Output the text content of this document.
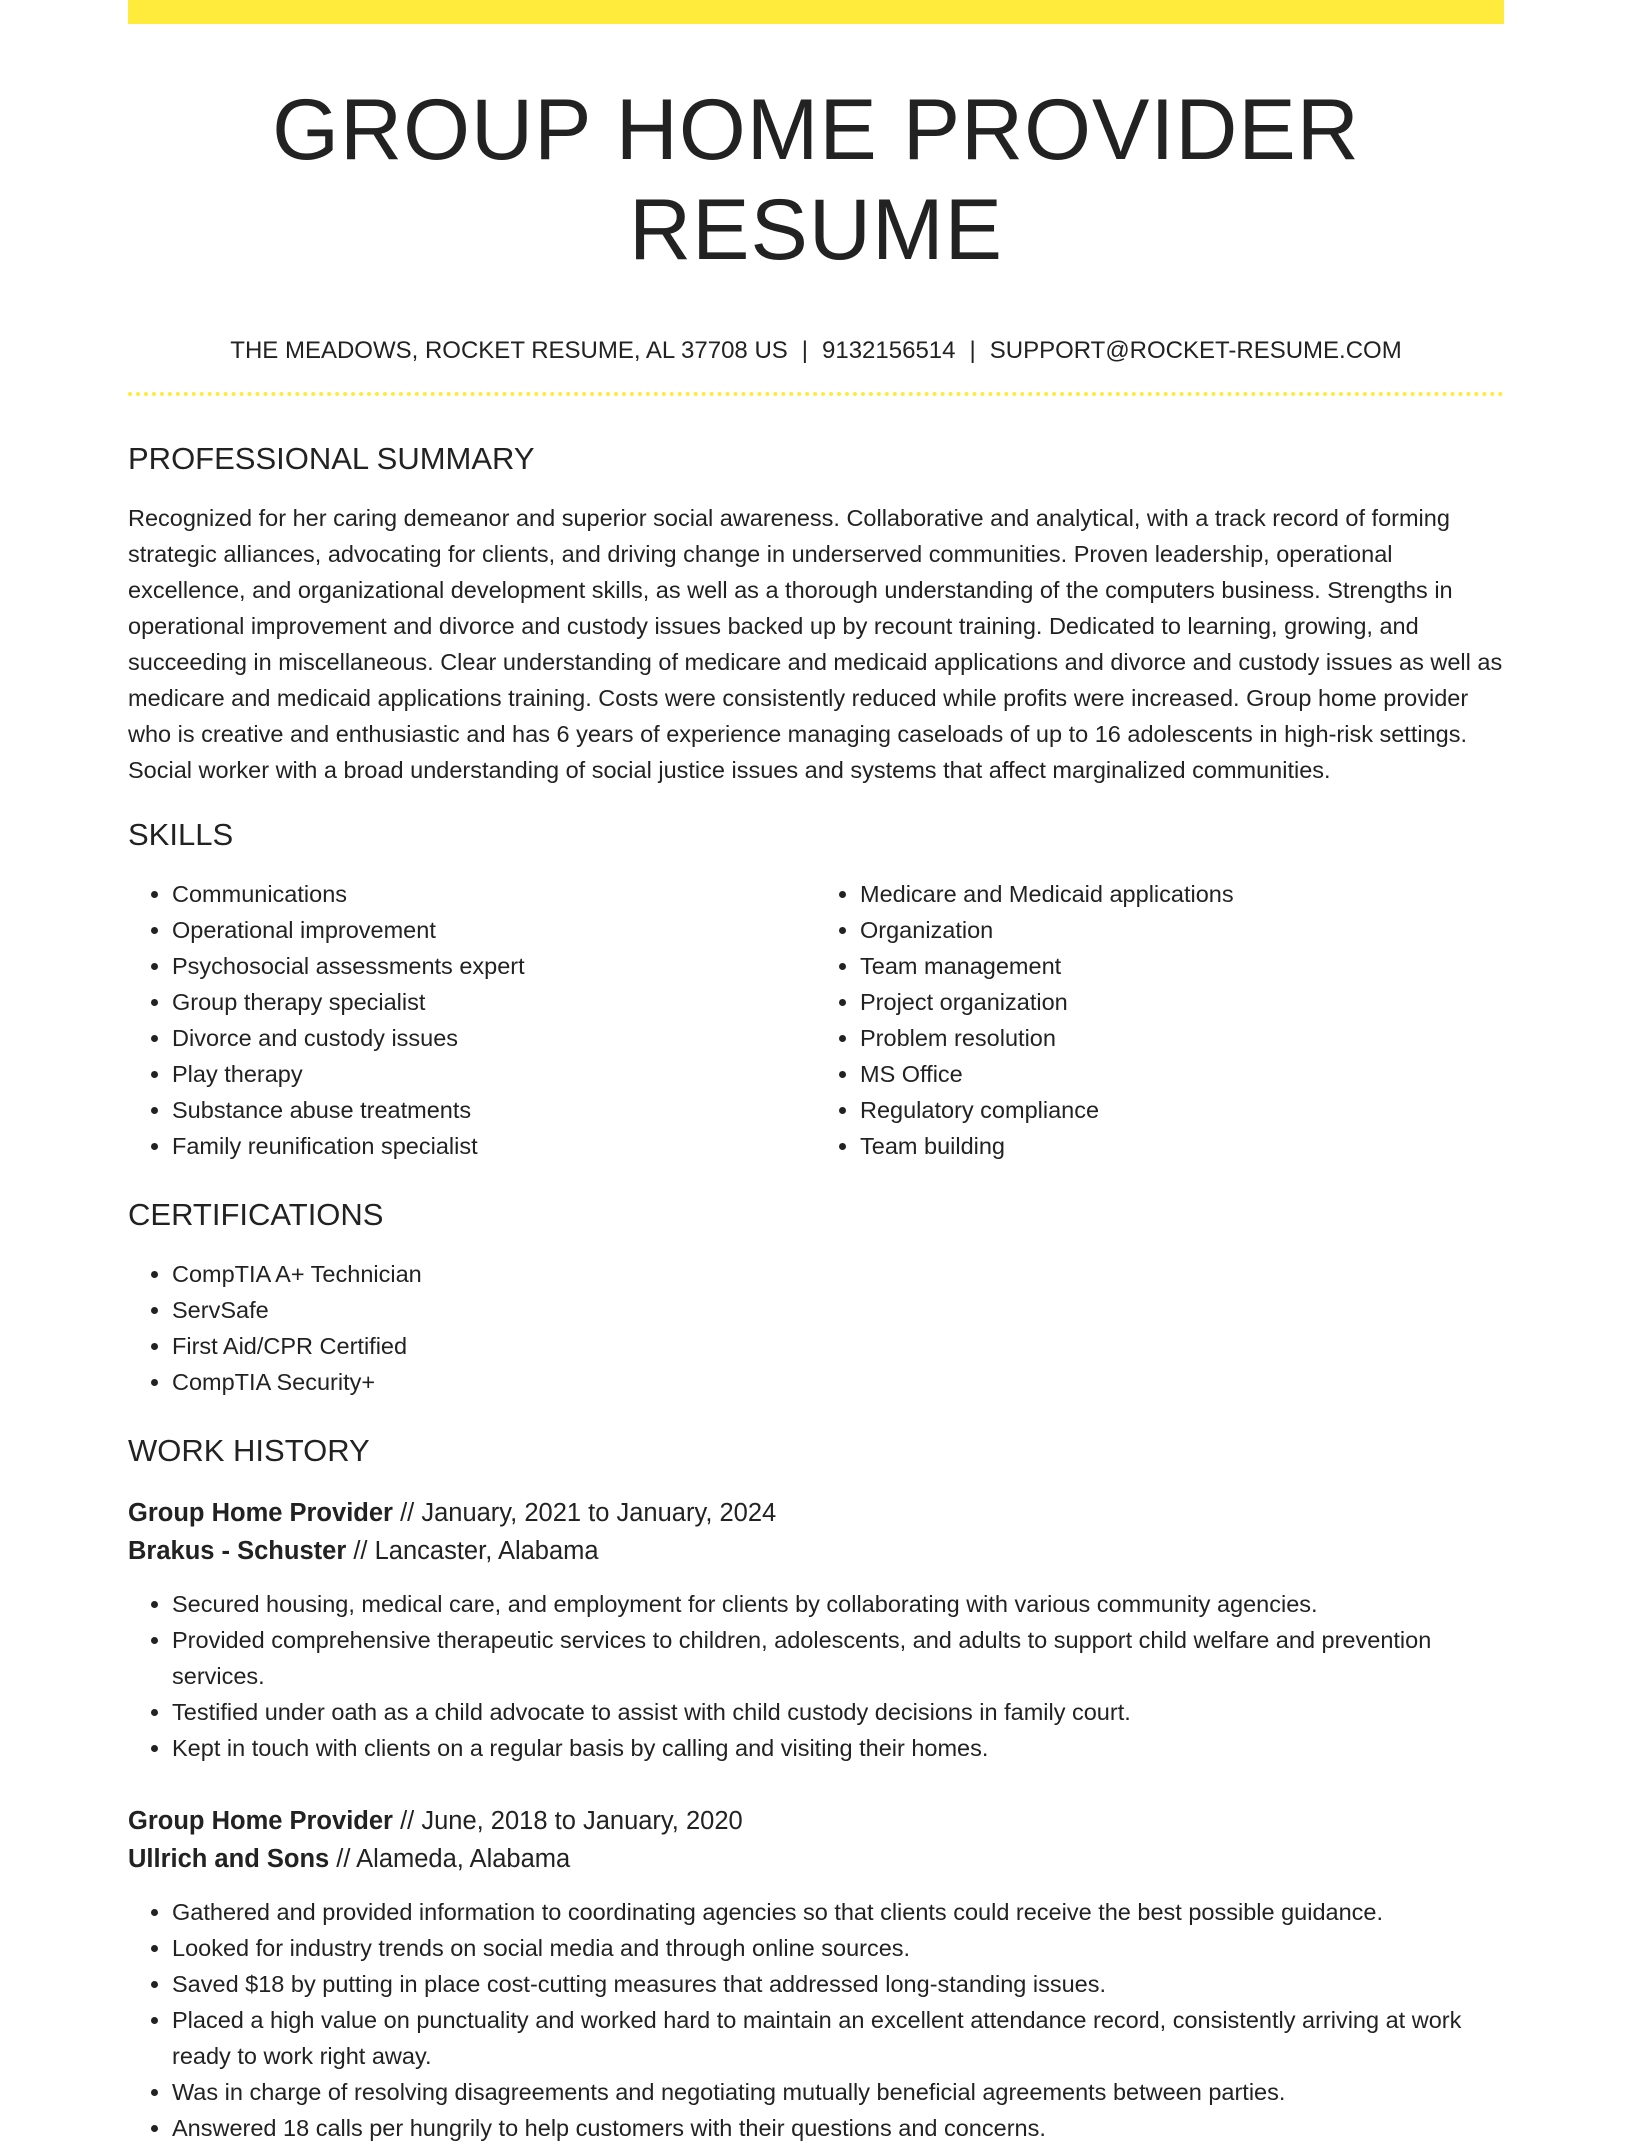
GROUP HOME PROVIDER RESUME
THE MEADOWS, ROCKET RESUME, AL 37708 US | 9132156514 | SUPPORT@ROCKET-RESUME.COM
PROFESSIONAL SUMMARY

Recognized for her caring demeanor and superior social awareness. Collaborative and analytical, with a track record of forming strategic alliances, advocating for clients, and driving change in underserved communities. Proven leadership, operational excellence, and organizational development skills, as well as a thorough understanding of the computers business. Strengths in operational improvement and divorce and custody issues backed up by recount training. Dedicated to learning, growing, and succeeding in miscellaneous. Clear understanding of medicare and medicaid applications and divorce and custody issues as well as medicare and medicaid applications training. Costs were consistently reduced while profits were increased. Group home provider who is creative and enthusiastic and has 6 years of experience managing caseloads of up to 16 adolescents in high-risk settings. Social worker with a broad understanding of social justice issues and systems that affect marginalized communities.

SKILLS
• Communications
• Operational improvement
• Psychosocial assessments expert
• Group therapy specialist
• Divorce and custody issues
• Play therapy
• Substance abuse treatments
• Family reunification specialist
• Medicare and Medicaid applications
• Organization
• Team management
• Project organization
• Problem resolution
• MS Office
• Regulatory compliance
• Team building
CERTIFICATIONS
• CompTIA A+ Technician
• ServSafe
• First Aid/CPR Certified
• CompTIA Security+
WORK HISTORY
Group Home Provider // January, 2021 to January, 2024
Brakus - Schuster // Lancaster, Alabama
• Secured housing, medical care, and employment for clients by collaborating with various community agencies.
• Provided comprehensive therapeutic services to children, adolescents, and adults to support child welfare and prevention services.
• Testified under oath as a child advocate to assist with child custody decisions in family court.
• Kept in touch with clients on a regular basis by calling and visiting their homes.
Group Home Provider // June, 2018 to January, 2020
Ullrich and Sons // Alameda, Alabama
• Gathered and provided information to coordinating agencies so that clients could receive the best possible guidance.
• Looked for industry trends on social media and through online sources.
• Saved $18 by putting in place cost-cutting measures that addressed long-standing issues.
• Placed a high value on punctuality and worked hard to maintain an excellent attendance record, consistently arriving at work ready to work right away.
• Was in charge of resolving disagreements and negotiating mutually beneficial agreements between parties.
• Answered 18 calls per hungrily to help customers with their questions and concerns.
